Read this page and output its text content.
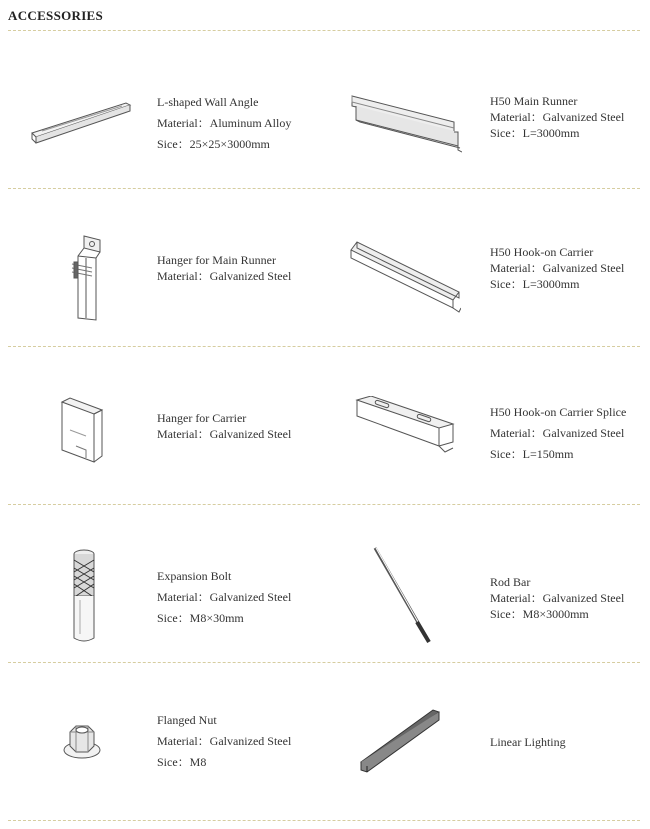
ACCESSORIES
L-shaped Wall Angle
Material：Aluminum Alloy
Sice：25×25×3000mm
H50 Main Runner
Material：Galvanized Steel
Sice：L=3000mm
Hanger for Main Runner
Material：Galvanized Steel
H50 Hook-on Carrier
Material：Galvanized Steel
Sice：L=3000mm
Hanger for Carrier
Material：Galvanized Steel
H50 Hook-on Carrier Splice
Material：Galvanized Steel
Sice：L=150mm
Expansion Bolt
Material：Galvanized Steel
Sice：M8×30mm
Rod Bar
Material：Galvanized Steel
Sice：M8×3000mm
Flanged Nut
Material：Galvanized Steel
Sice：M8
Linear Lighting
